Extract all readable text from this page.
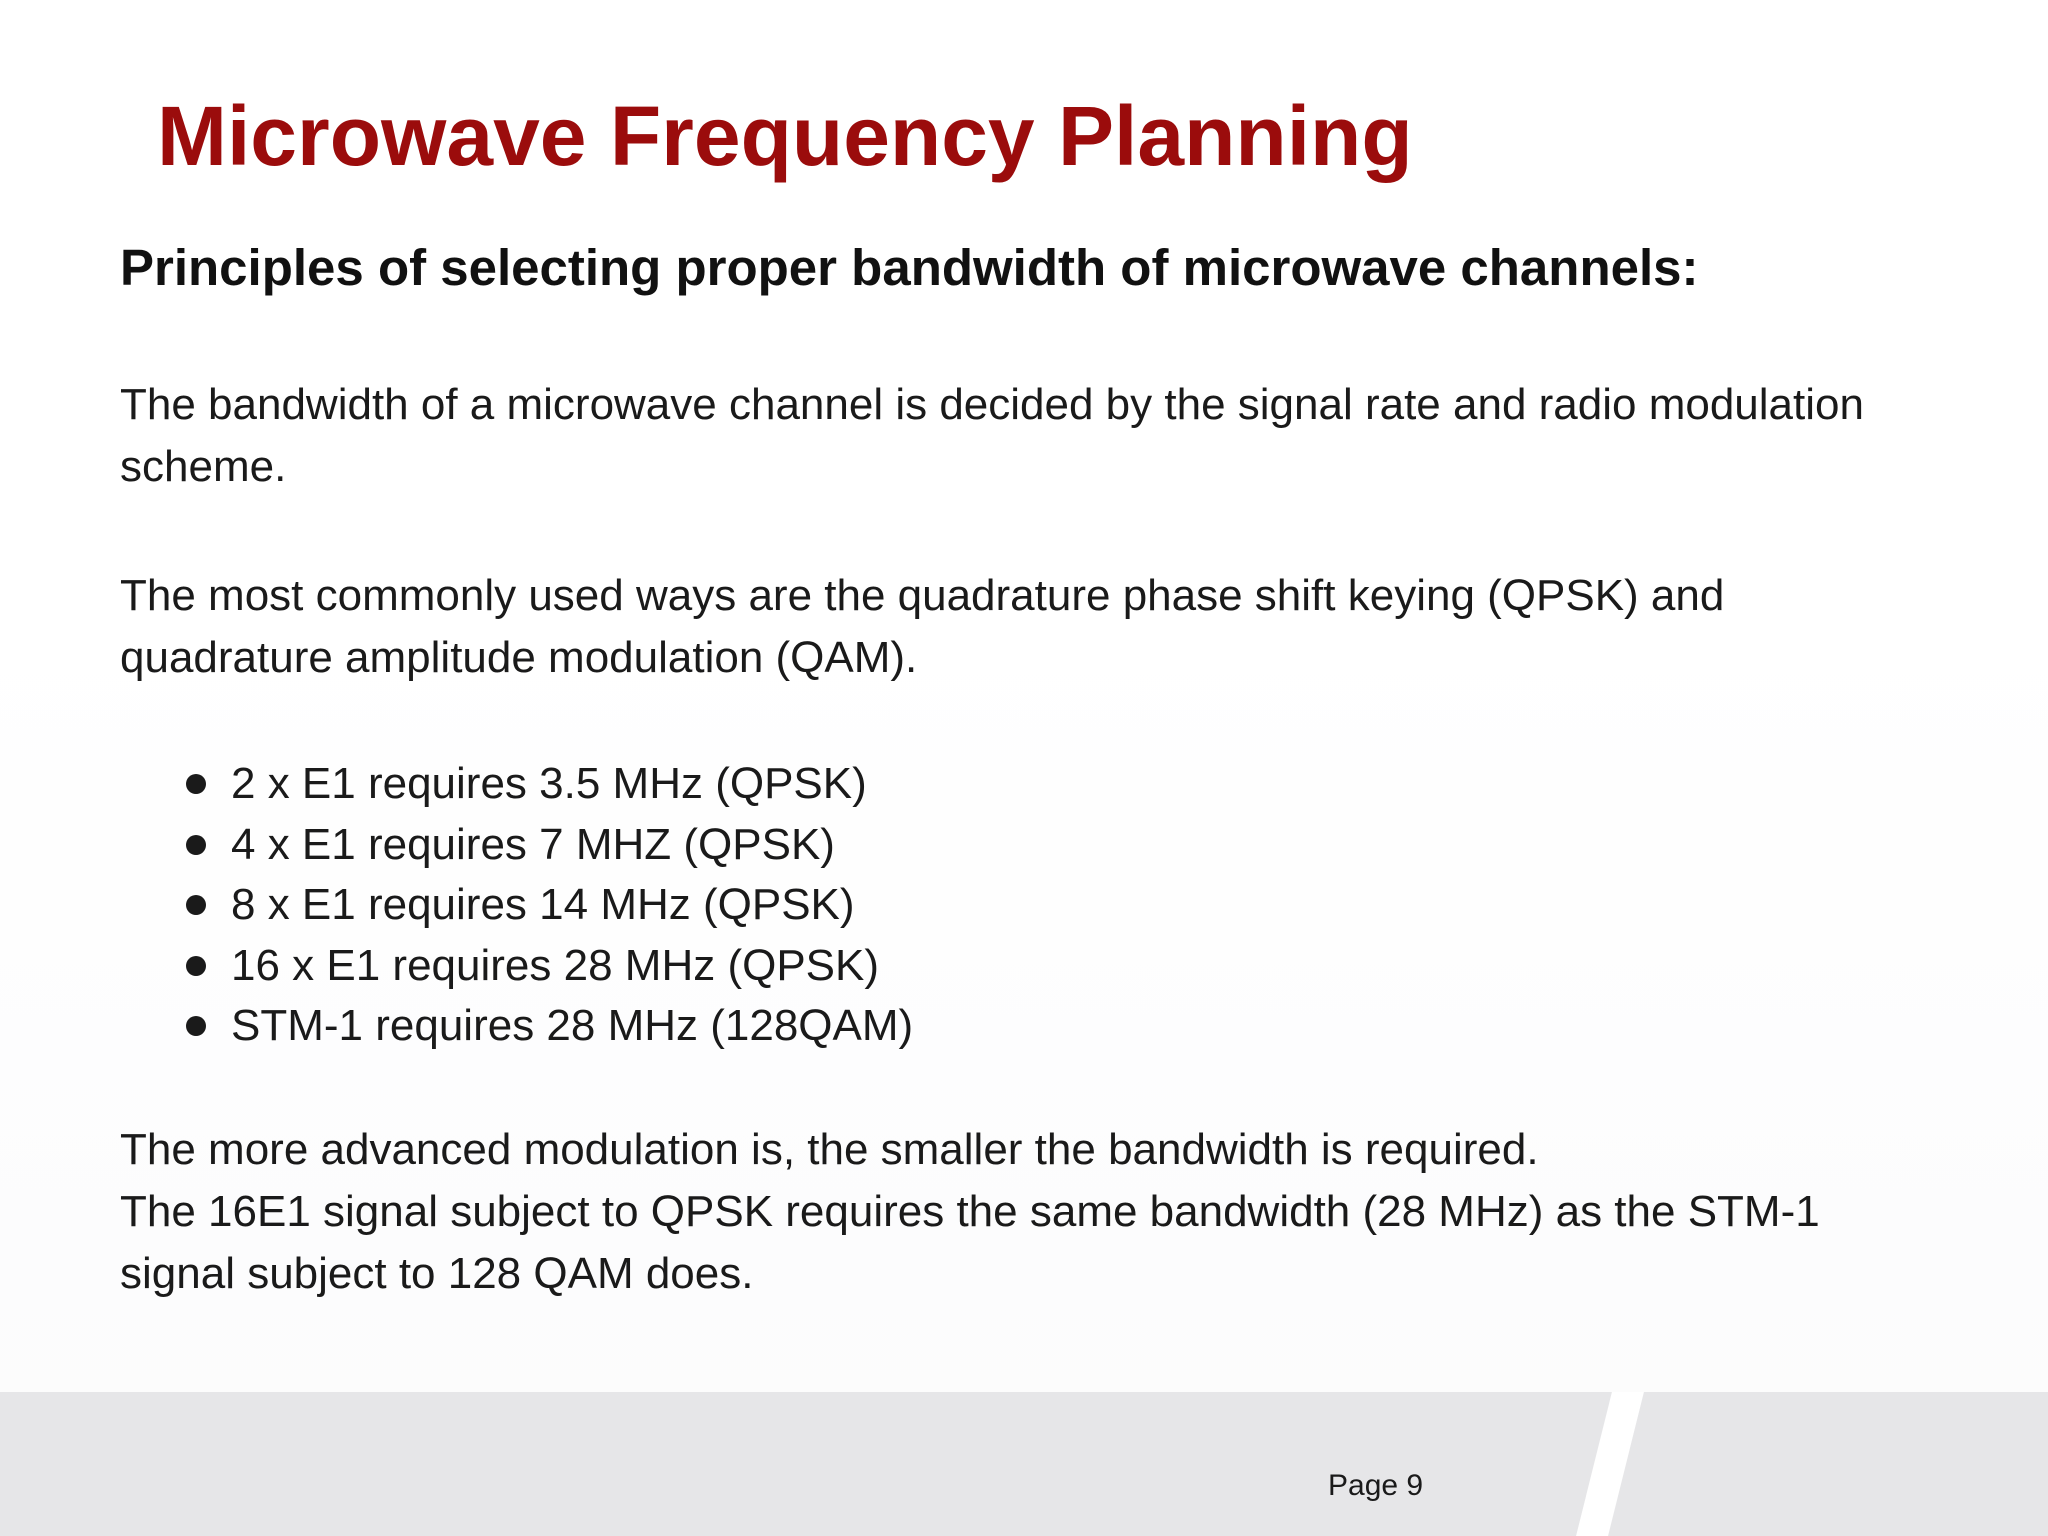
Microwave Frequency Planning
Principles of selecting proper bandwidth of microwave channels:

The bandwidth of a microwave channel is decided by the signal rate and radio modulation scheme.

The most commonly used ways are the quadrature phase shift keying (QPSK) and quadrature amplitude modulation (QAM).

2 x E1 requires 3.5 MHz (QPSK)
4 x E1 requires 7 MHZ (QPSK)
8 x E1 requires 14 MHz (QPSK)
16 x E1 requires 28 MHz (QPSK)
STM-1 requires 28 MHz (128QAM)

The more advanced modulation is, the smaller the bandwidth is required.
The 16E1 signal subject to QPSK requires the same bandwidth (28 MHz) as the STM-1 signal subject to 128 QAM does.

Page 9
